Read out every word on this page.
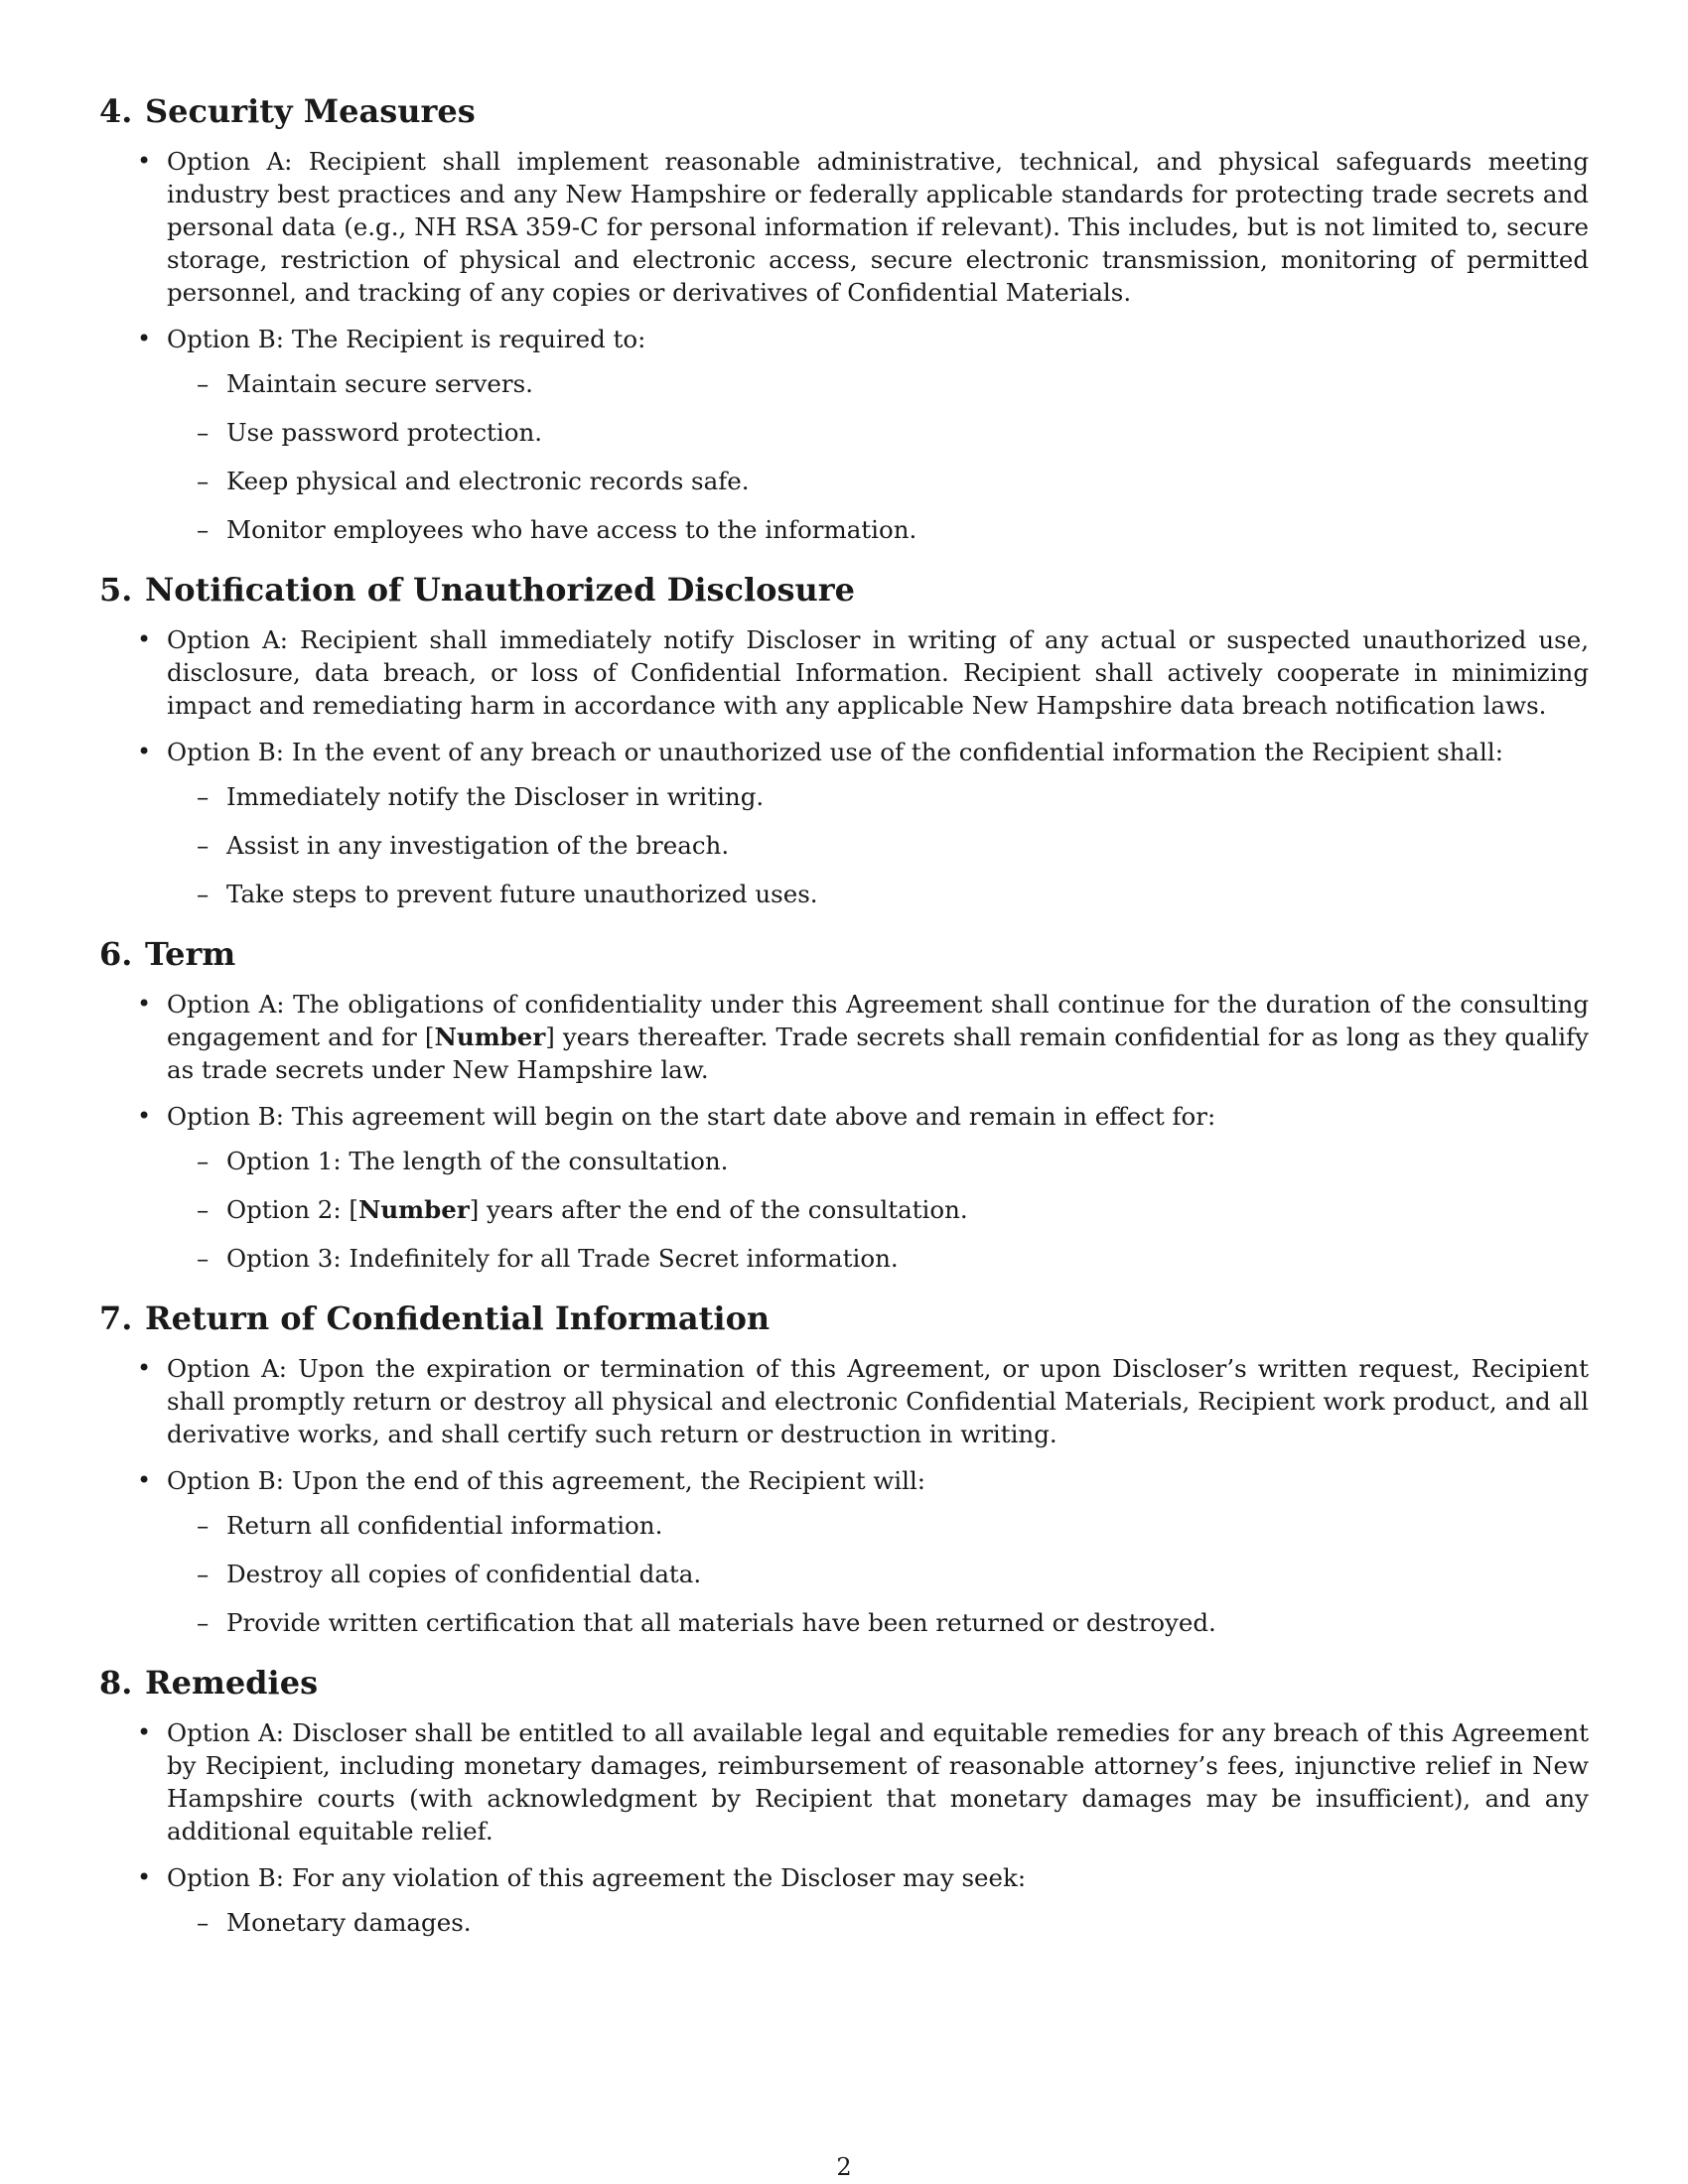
4. Security Measures
• Option A: Recipient shall implement reasonable administrative, technical, and physical safeguards meeting industry best practices and any New Hampshire or federally applicable standards for protecting trade secrets and personal data (e.g., NH RSA 359-C for personal information if relevant). This includes, but is not limited to, secure storage, restriction of physical and electronic access, secure electronic transmission, monitoring of permitted personnel, and tracking of any copies or derivatives of Confidential Materials.
• Option B: The Recipient is required to:
– Maintain secure servers.
– Use password protection.
– Keep physical and electronic records safe.
– Monitor employees who have access to the information.
5. Notification of Unauthorized Disclosure
• Option A: Recipient shall immediately notify Discloser in writing of any actual or suspected unauthorized use, disclosure, data breach, or loss of Confidential Information. Recipient shall actively cooperate in minimizing impact and remediating harm in accordance with any applicable New Hampshire data breach notification laws.
• Option B: In the event of any breach or unauthorized use of the confidential information the Recipient shall:
– Immediately notify the Discloser in writing.
– Assist in any investigation of the breach.
– Take steps to prevent future unauthorized uses.
6. Term
• Option A: The obligations of confidentiality under this Agreement shall continue for the duration of the consulting engagement and for [Number] years thereafter. Trade secrets shall remain confidential for as long as they qualify as trade secrets under New Hampshire law.
• Option B: This agreement will begin on the start date above and remain in effect for:
– Option 1: The length of the consultation.
– Option 2: [Number] years after the end of the consultation.
– Option 3: Indefinitely for all Trade Secret information.
7. Return of Confidential Information
• Option A: Upon the expiration or termination of this Agreement, or upon Discloser’s written request, Recipient shall promptly return or destroy all physical and electronic Confidential Materials, Recipient work product, and all derivative works, and shall certify such return or destruction in writing.
• Option B: Upon the end of this agreement, the Recipient will:
– Return all confidential information.
– Destroy all copies of confidential data.
– Provide written certification that all materials have been returned or destroyed.
8. Remedies
• Option A: Discloser shall be entitled to all available legal and equitable remedies for any breach of this Agreement by Recipient, including monetary damages, reimbursement of reasonable attorney’s fees, injunctive relief in New Hampshire courts (with acknowledgment by Recipient that monetary damages may be insufficient), and any additional equitable relief.
• Option B: For any violation of this agreement the Discloser may seek:
– Monetary damages.
2
